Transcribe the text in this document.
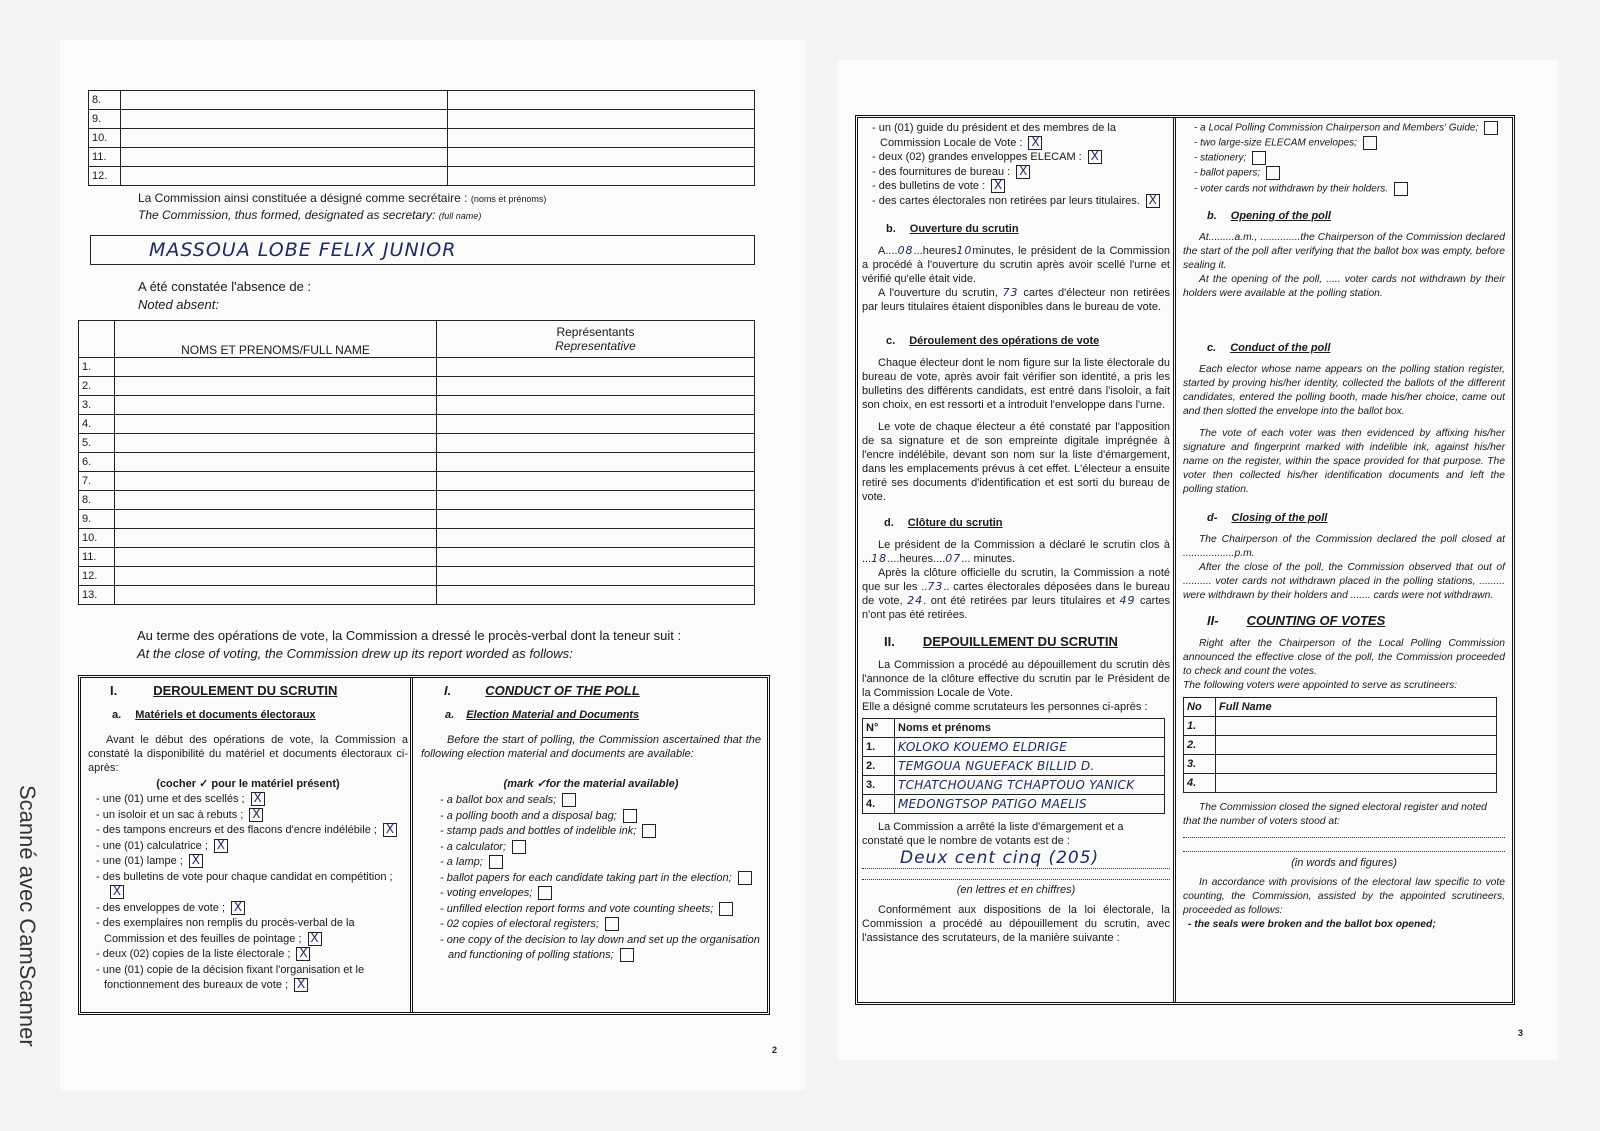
Scanné avec CamScanner
8.		
9.		
10.		
11.		
12.		
La Commission ainsi constituée a désigné comme secrétaire : (noms et prénoms)
The Commission, thus formed, designated as secretary: (full name)
MASSOUA LOBE FELIX JUNIOR
A été constatée l'absence de :
Noted absent:
	NOMS ET PRENOMS/FULL NAME	Représentants
Representative

1.		
2.		
3.		
4.		
5.		
6.		
7.		
8.		
9.		
10.		
11.		
12.		
13.		
Au terme des opérations de vote, la Commission a dressé le procès-verbal dont la teneur suit :
At the close of voting, the Commission drew up its report worded as follows:
I.	DEROULEMENT DU SCRUTIN
a. Matériels et documents électoraux
Avant le début des opérations de vote, la Commission a constaté la disponibilité du matériel et documents électoraux ci-après:
(cocher ✓ pour le matériel présent)
- une (01) urne et des scellés ; X
- un isoloir et un sac à rebuts ; X
- des tampons encreurs et des flacons d'encre indélébile ; X
- une (01) calculatrice ; X
- une (01) lampe ; X
- des bulletins de vote pour chaque candidat en compétition ;X
- des enveloppes de vote ; X
- des exemplaires non remplis du procès-verbal de la Commission et des feuilles de pointage ; X
- deux (02) copies de la liste électorale ; X
- une (01) copie de la décision fixant l'organisation et le fonctionnement des bureaux de vote ; X
I.	CONDUCT OF THE POLL
a. Election Material and Documents
Before the start of polling, the Commission ascertained that the following election material and documents are available:
(mark ✓for the material available)
- a ballot box and seals;
- a polling booth and a disposal bag;
- stamp pads and bottles of indelible ink;
- a calculator;
- a lamp;
- ballot papers for each candidate taking part in the election;
- voting envelopes;
- unfilled election report forms and vote counting sheets;
- 02 copies of electoral registers;
- one copy of the decision to lay down and set up the organisation and functioning of polling stations;
2
- un (01) guide du président et des membres de la Commission Locale de Vote : X
- deux (02) grandes enveloppes ELECAM : X
- des fournitures de bureau : X
- des bulletins de vote : X
- des cartes électorales non retirées par leurs titulaires. X
b. Ouverture du scrutin
A....08...heures10minutes, le président de la Commission a procédé à l'ouverture du scrutin après avoir scellé l'urne et vérifié qu'elle était vide.
A l'ouverture du scrutin, 73 cartes d'électeur non retirées par leurs titulaires étaient disponibles dans le bureau de vote.
c. Déroulement des opérations de vote
Chaque électeur dont le nom figure sur la liste électorale du bureau de vote, après avoir fait vérifier son identité, a pris les bulletins des différents candidats, est entré dans l'isoloir, a fait son choix, en est ressorti et a introduit l'enveloppe dans l'urne.
Le vote de chaque électeur a été constaté par l'apposition de sa signature et de son empreinte digitale imprégnée à l'encre indélébile, devant son nom sur la liste d'émargement, dans les emplacements prévus à cet effet. L'électeur a ensuite retiré ses documents d'identification et est sorti du bureau de vote.
d. Clôture du scrutin
Le président de la Commission a déclaré le scrutin clos à ...18....heures....07... minutes.
Après la clôture officielle du scrutin, la Commission a noté que sur les ..73.. cartes électorales déposées dans le bureau de vote, 24. ont été retirées par leurs titulaires et 49 cartes n'ont pas été retirées.
II. DEPOUILLEMENT DU SCRUTIN
La Commission a procédé au dépouillement du scrutin dès l'annonce de la clôture effective du scrutin par le Président de la Commission Locale de Vote.
Elle a désigné comme scrutateurs les personnes ci-après :
N°	Noms et prénoms
1.	KOLOKO KOUEMO ELDRIGE
2.	TEMGOUA NGUEFACK BILLID D.
3.	TCHATCHOUANG TCHAPTOUO YANICK
4.	MEDONGTSOP PATIGO MAELIS
La Commission a arrêté la liste d'émargement et a constaté que le nombre de votants est de :
Deux cent cinq (205)
(en lettres et en chiffres)
Conformément aux dispositions de la loi électorale, la Commission a procédé au dépouillement du scrutin, avec l'assistance des scrutateurs, de la manière suivante :
- a Local Polling Commission Chairperson and Members' Guide;
- two large-size ELECAM envelopes;
- stationery;
- ballot papers;
- voter cards not withdrawn by their holders.
b. Opening of the poll
At.........a.m., ..............the Chairperson of the Commission declared the start of the poll after verifying that the ballot box was empty, before sealing it.
At the opening of the poll, ..... voter cards not withdrawn by their holders were available at the polling station.
c. Conduct of the poll
Each elector whose name appears on the polling station register, started by proving his/her identity, collected the ballots of the different candidates, entered the polling booth, made his/her choice, came out and then slotted the envelope into the ballot box.
The vote of each voter was then evidenced by affixing his/her signature and fingerprint marked with indelible ink, against his/her name on the register, within the space provided for that purpose. The voter then collected his/her identification documents and left the polling station.
d- Closing of the poll
The Chairperson of the Commission declared the poll closed at ..................p.m.
After the close of the poll, the Commission observed that out of .......... voter cards not withdrawn placed in the polling stations, ......... were withdrawn by their holders and ....... cards were not withdrawn.
II- COUNTING OF VOTES
Right after the Chairperson of the Local Polling Commission announced the effective close of the poll, the Commission proceeded to check and count the votes.
The following voters were appointed to serve as scrutineers:
No	Full Name
1.	
2.	
3.	
4.	
The Commission closed the signed electoral register and noted that the number of voters stood at:
(in words and figures)
In accordance with provisions of the electoral law specific to vote counting, the Commission, assisted by the appointed scrutineers, proceeded as follows:
- the seals were broken and the ballot box opened;
3
